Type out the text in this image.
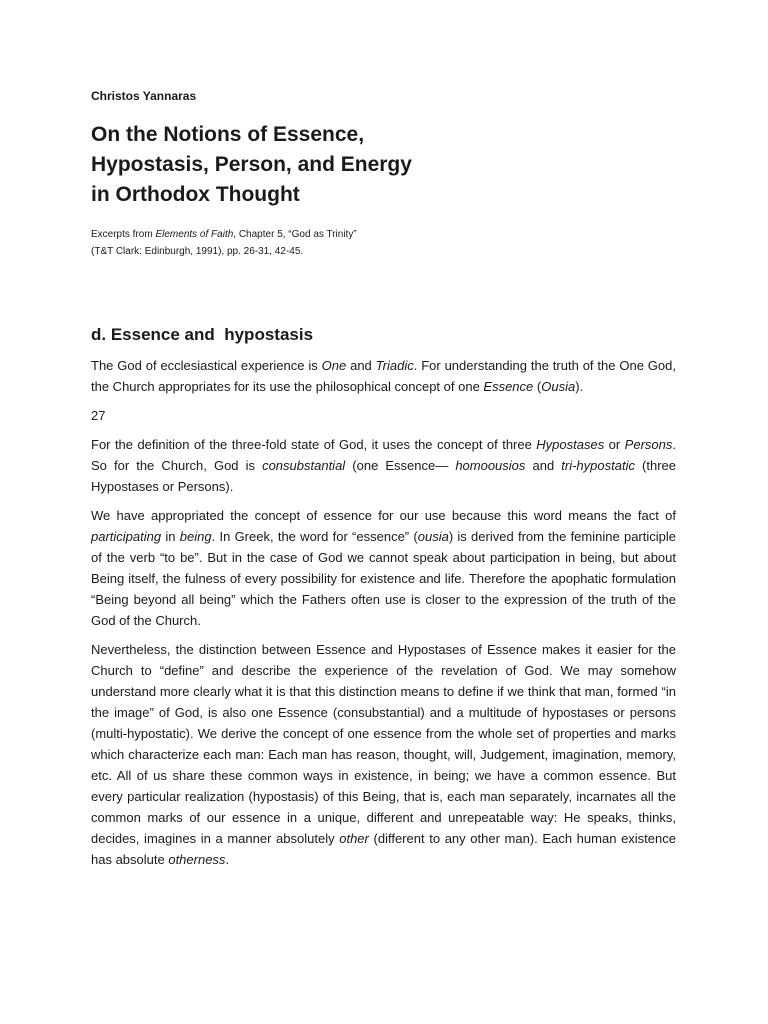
Christos Yannaras

On the Notions of Essence,
Hypostasis, Person, and Energy
in Orthodox Thought
Excerpts from Elements of Faith, Chapter 5, “God as Trinity”
(T&T Clark: Edinburgh, 1991), pp. 26-31, 42-45.
d. Essence and  hypostasis

The God of ecclesiastical experience is One and Triadic. For understanding the truth of the One God, the Church appropriates for its use the philosophical concept of one Essence (Ousia).

27

For the definition of the three-fold state of God, it uses the concept of three Hypostases or Persons. So for the Church, God is consubstantial (one Essence— homoousios and tri-hypostatic (three Hypostases or Persons).

We have appropriated the concept of essence for our use because this word means the fact of participating in being. In Greek, the word for “essence” (ousia) is derived from the feminine participle of the verb “to be”. But in the case of God we cannot speak about participation in being, but about Being itself, the fulness of every possibility for existence and life. Therefore the apophatic formulation “Being beyond all being” which the Fathers often use is closer to the expression of the truth of the God of the Church.

Nevertheless, the distinction between Essence and Hypostases of Essence makes it easier for the Church to “define” and describe the experience of the revelation of God. We may somehow understand more clearly what it is that this distinction means to define if we think that man, formed “in the image” of God, is also one Essence (consubstantial) and a multitude of hypostases or persons (multi-hypostatic). We derive the concept of one essence from the whole set of properties and marks which characterize each man: Each man has reason, thought, will, Judgement, imagination, memory, etc. All of us share these common ways in existence, in being; we have a common essence. But every particular realization (hypostasis) of this Being, that is, each man separately, incarnates all the common marks of our essence in a unique, different and unrepeatable way: He speaks, thinks, decides, imagines in a manner absolutely other (different to any other man). Each human existence has absolute otherness.
